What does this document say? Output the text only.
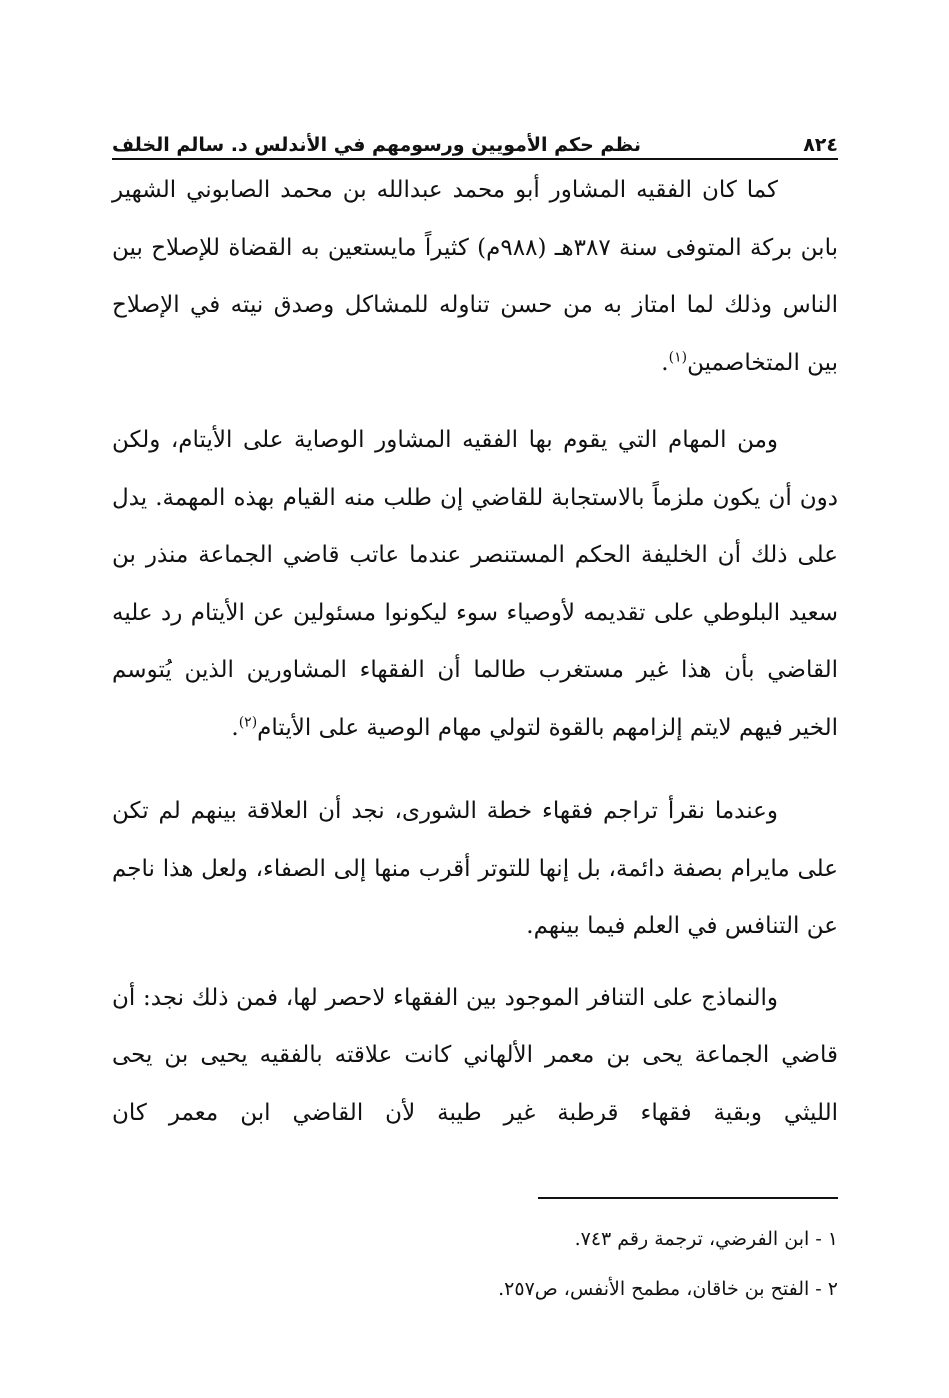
٨٢٤
نظم حكم الأمويين ورسومهم في الأندلس د. سالم الخلف

كما كان الفقيه المشاور أبو محمد عبدالله بن محمد الصابوني الشهير بابن بركة المتوفى سنة ٣٨٧هـ (٩٨٨م) كثيراً مايستعين به القضاة للإصلاح بين الناس وذلك لما امتاز به من حسن تناوله للمشاكل وصدق نيته في الإصلاح بين المتخاصمين$^{(١)}$.

ومن المهام التي يقوم بها الفقيه المشاور الوصاية على الأيتام، ولكن دون أن يكون ملزماً بالاستجابة للقاضي إن طلب منه القيام بهذه المهمة. يدل على ذلك أن الخليفة الحكم المستنصر عندما عاتب قاضي الجماعة منذر بن سعيد البلوطي على تقديمه لأوصياء سوء ليكونوا مسئولين عن الأيتام رد عليه القاضي بأن هذا غير مستغرب طالما أن الفقهاء المشاورين الذين يُتوسم الخير فيهم لايتم إلزامهم بالقوة لتولي مهام الوصية على الأيتام$^{(٢)}$.

وعندما نقرأ تراجم فقهاء خطة الشورى، نجد أن العلاقة بينهم لم تكن على مايرام بصفة دائمة، بل إنها للتوتر أقرب منها إلى الصفاء، ولعل هذا ناجم عن التنافس في العلم فيما بينهم.

والنماذج على التنافر الموجود بين الفقهاء لاحصر لها، فمن ذلك نجد: أن قاضي الجماعة يحى بن معمر الألهاني كانت علاقته بالفقيه يحيى بن يحى الليثي وبقية فقهاء قرطبة غير طيبة لأن القاضي ابن معمر كان

١ - ابن الفرضي، ترجمة رقم ٧٤٣.

٢ - الفتح بن خاقان، مطمح الأنفس، ص٢٥٧.
